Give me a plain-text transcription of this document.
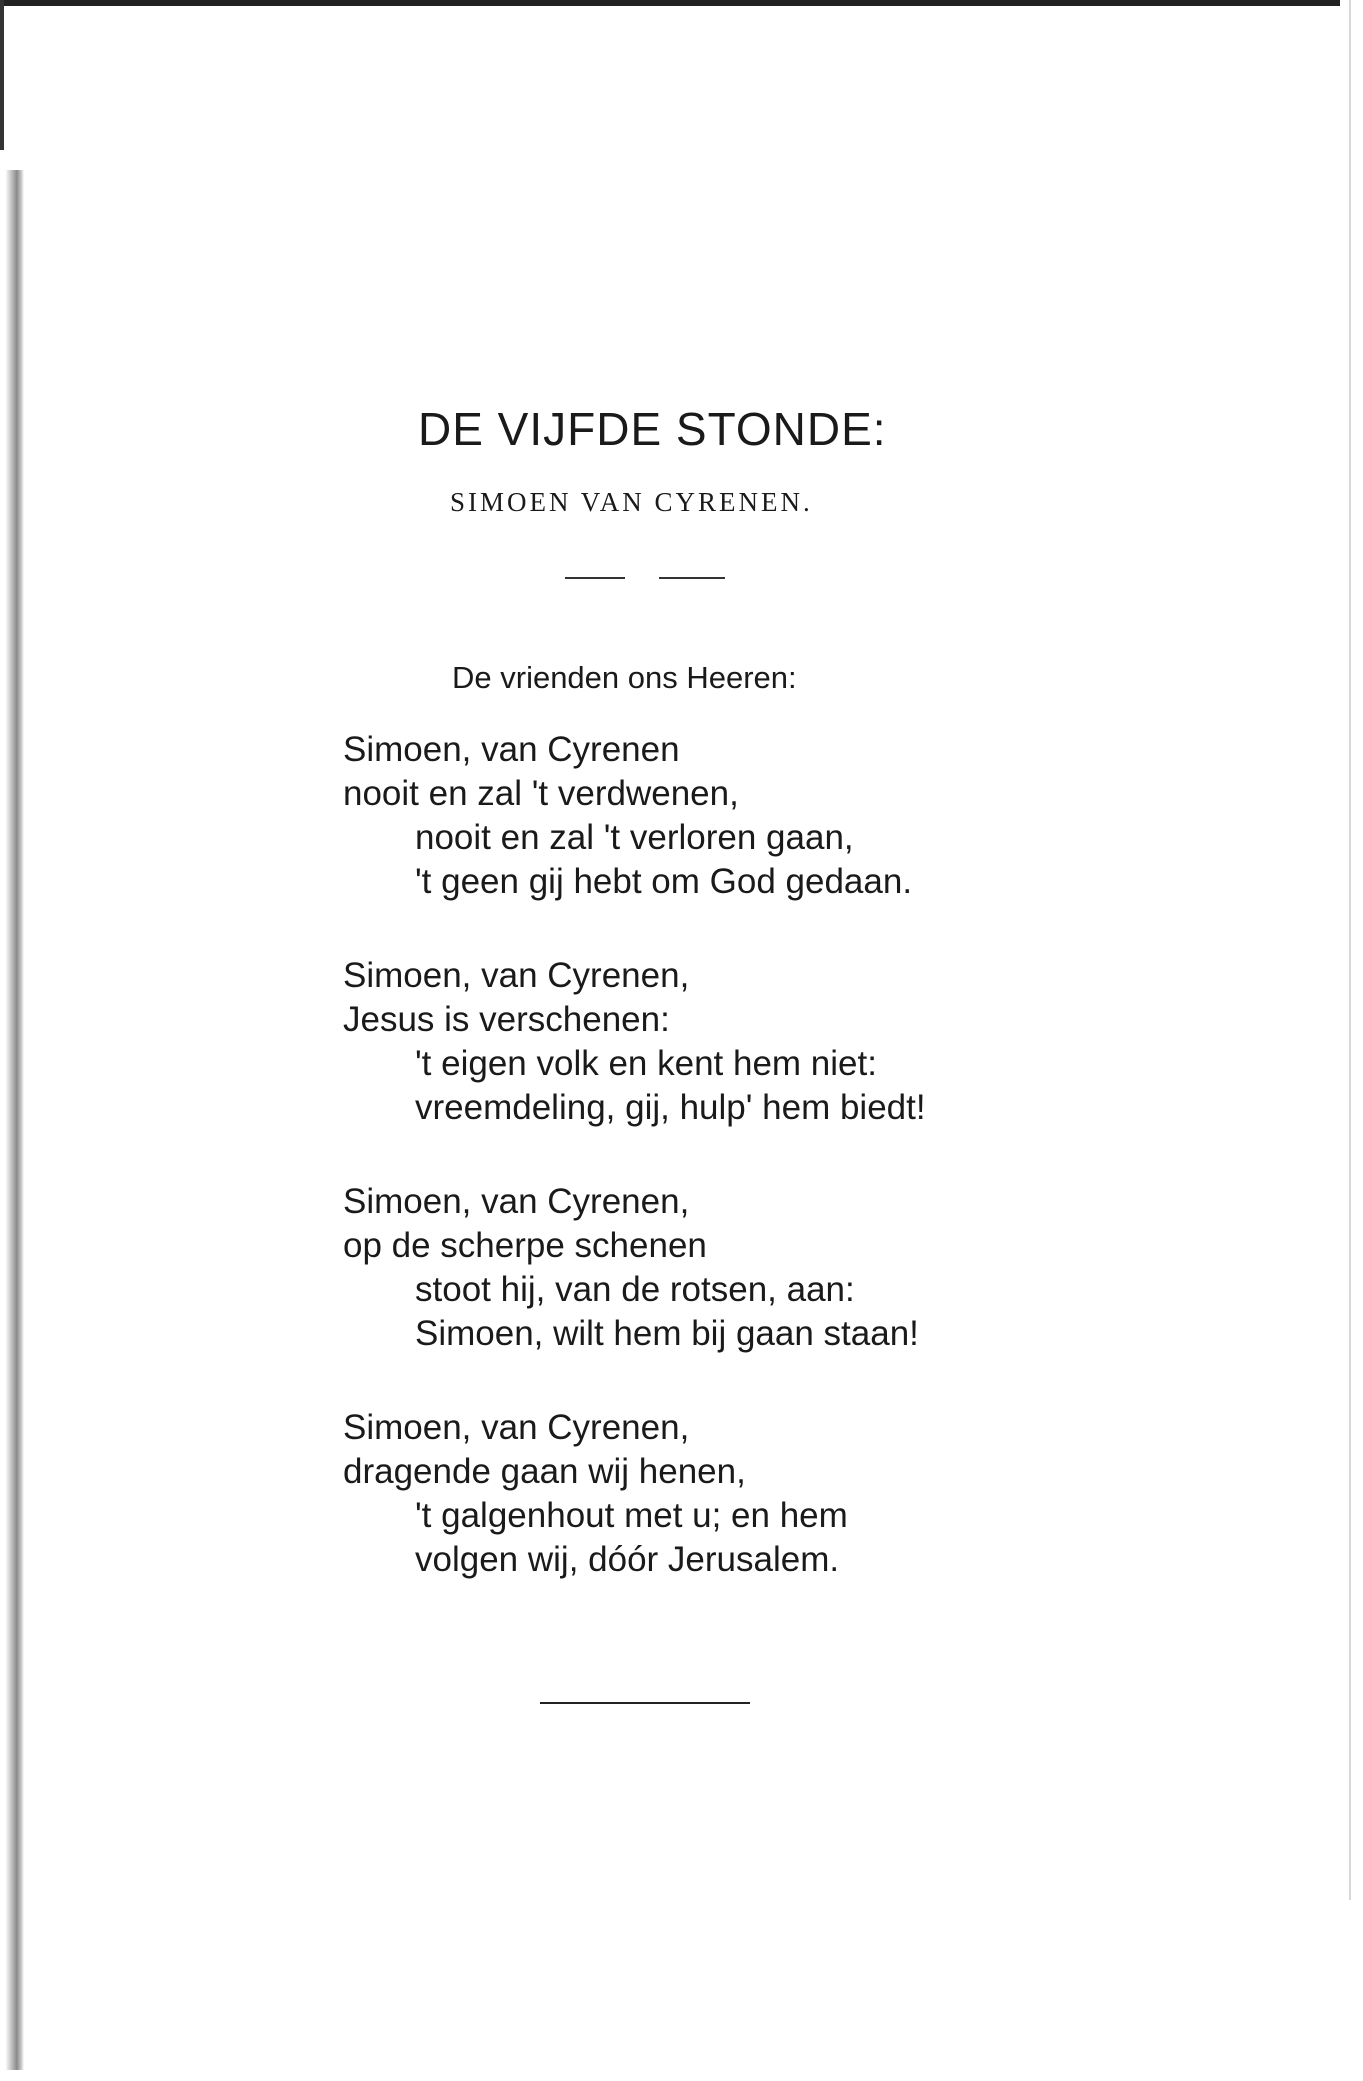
DE VIJFDE STONDE:
SIMOEN VAN CYRENEN.
De vrienden ons Heeren:
Simoen, van Cyrenen
nooit en zal 't verdwenen,
nooit en zal 't verloren gaan,
't geen gij hebt om God gedaan.
Simoen, van Cyrenen,
Jesus is verschenen:
't eigen volk en kent hem niet:
vreemdeling, gij, hulp' hem biedt!
Simoen, van Cyrenen,
op de scherpe schenen
stoot hij, van de rotsen, aan:
Simoen, wilt hem bij gaan staan!
Simoen, van Cyrenen,
dragende gaan wij henen,
't galgenhout met u; en hem
volgen wij, dóór Jerusalem.
